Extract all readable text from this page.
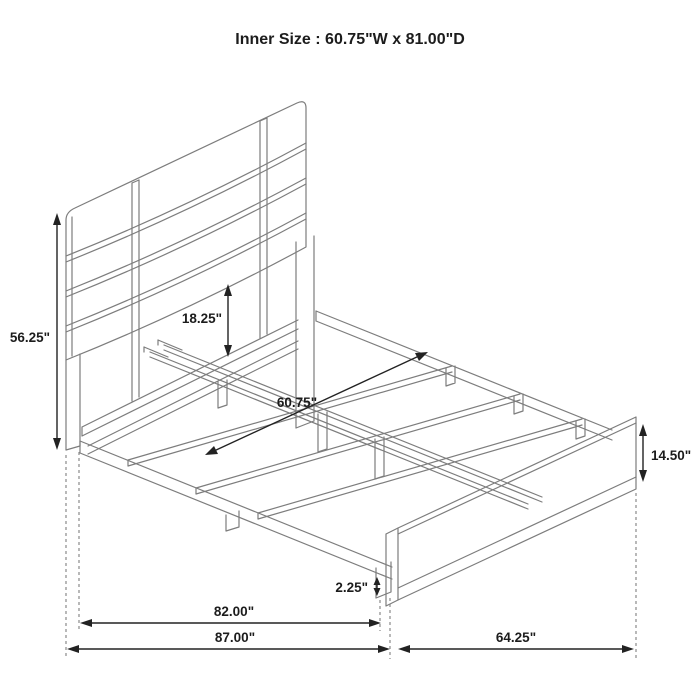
56.25"
18.25"
60.75"
14.50"
2.25"
82.00"
87.00"	64.25"
Inner Size : 60.75"W x 81.00"D
